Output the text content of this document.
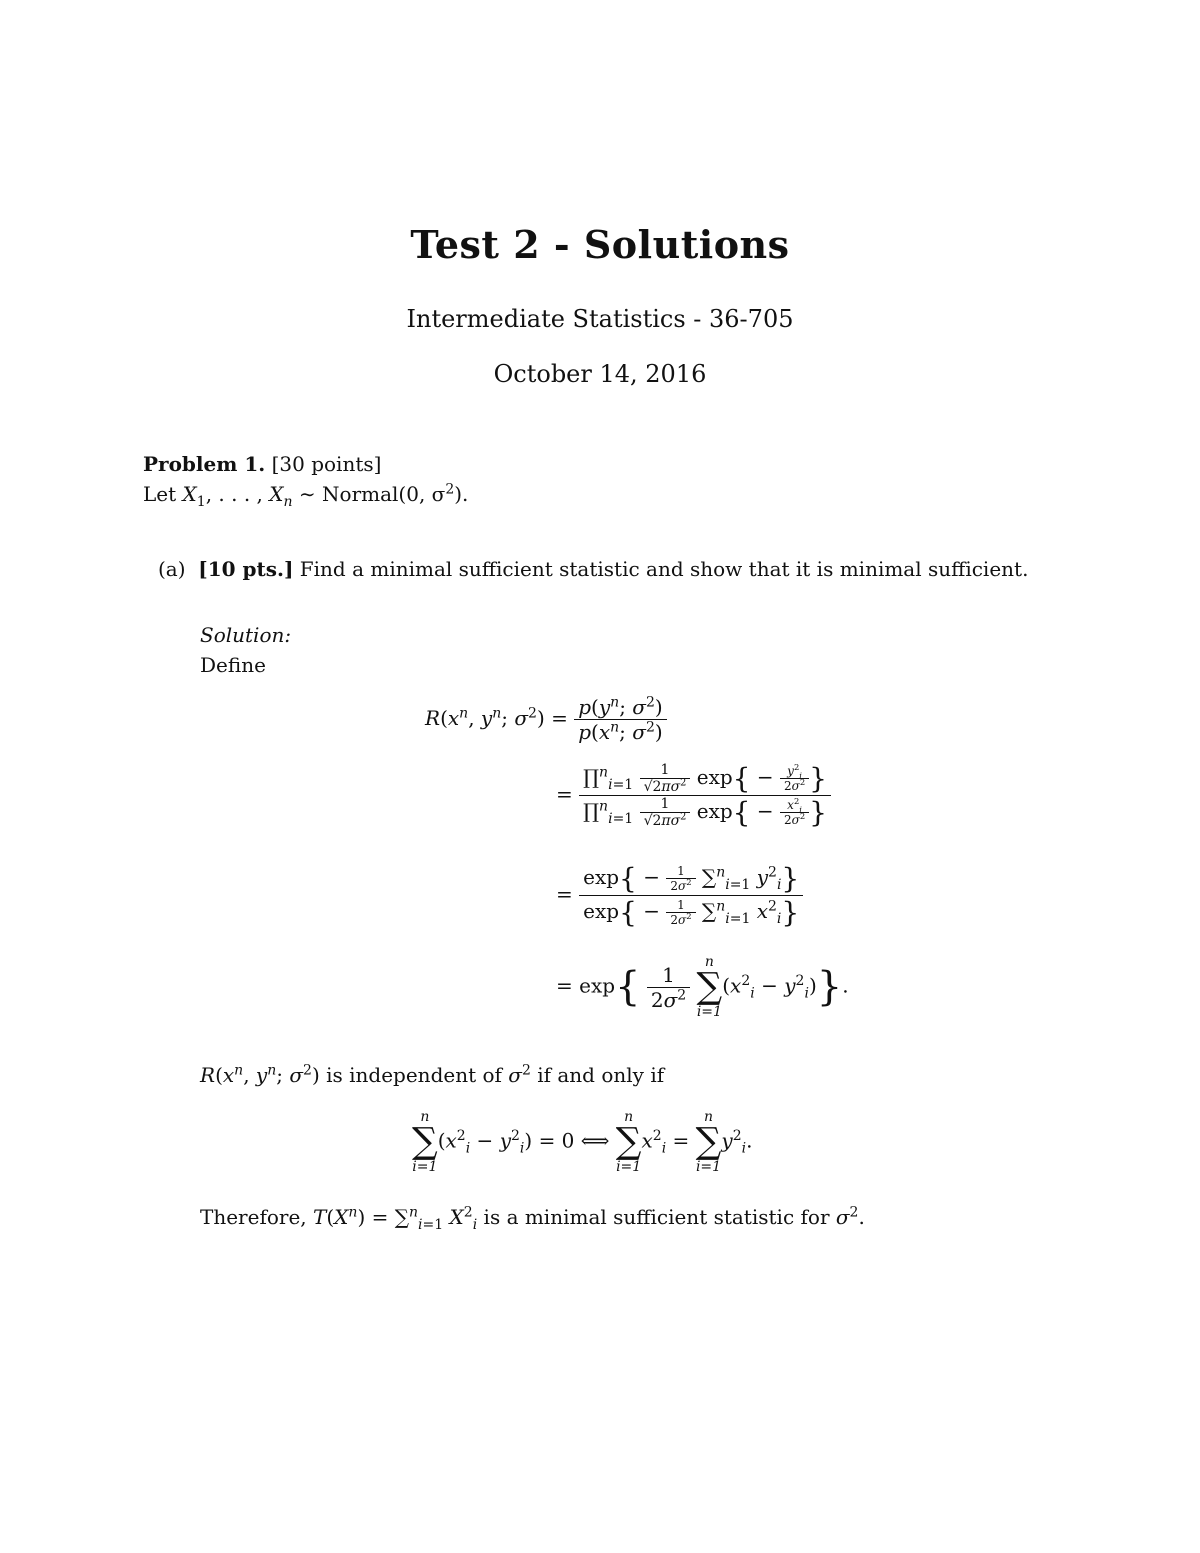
Test 2 - Solutions
Intermediate Statistics - 36-705
October 14, 2016
Problem 1. [30 points]
Let $X_1$, . . . , $X_n$ ∼ Normal(0, $\sigma^2$).
(a) [10 pts.] Find a minimal sufficient statistic and show that it is minimal sufficient.
Solution:
Define
$R(x^n$, $y^n$; $\sigma^2) = \frac{p(y^n; \sigma^2)}{p(x^n; \sigma^2)}$
= $\frac{\prod^n_{i=1} \frac{1}{√2\pi\sigma^2} \exp\{ - \frac{y^2_i}{2\sigma^2} \}}{\prod^n_{i=1} \frac{1}{√2\pi\sigma^2} \exp\{ - \frac{x^2_i}{2\sigma^2} \}}$
= $\frac{\exp\{ - \frac{1}{2\sigma^2} \sum^n_{i=1} y^2_i\}}{\exp\{ - \frac{1}{2\sigma^2} \sum^n_{i=1} x^2_i\}}$
= $\exp\{ \frac{1}{2\sigma^2}$

n
∑
i=1
$(x^2_i - y^2_i)$}.
$R(x^n$, $y^n$; $\sigma^2$) is independent of $\sigma^2$ if and only if
n
∑
i=1
$(x^2_i - y^2_i) = 0$ ⟺
n
∑
i=1
$x^2_i$ =
n
∑
i=1
$y^2_i$.
Therefore, $T(X^n) = \sum^n_{i=1}$ $X^2_i$ is a minimal sufficient statistic for $\sigma^2$.
